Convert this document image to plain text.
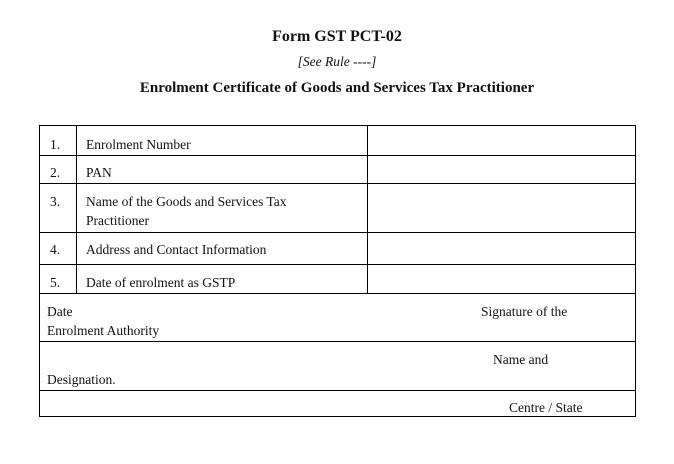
Form GST PCT-02
[See Rule ----]
Enrolment Certificate of Goods and Services Tax Practitioner
1. Enrolment Number
2. PAN
3. Name of the Goods and Services Tax Practitioner
4. Address and Contact Information
5. Date of enrolment as GSTP
Date	Signature of the
Enrolment Authority
Name and
Designation.
Centre / State
